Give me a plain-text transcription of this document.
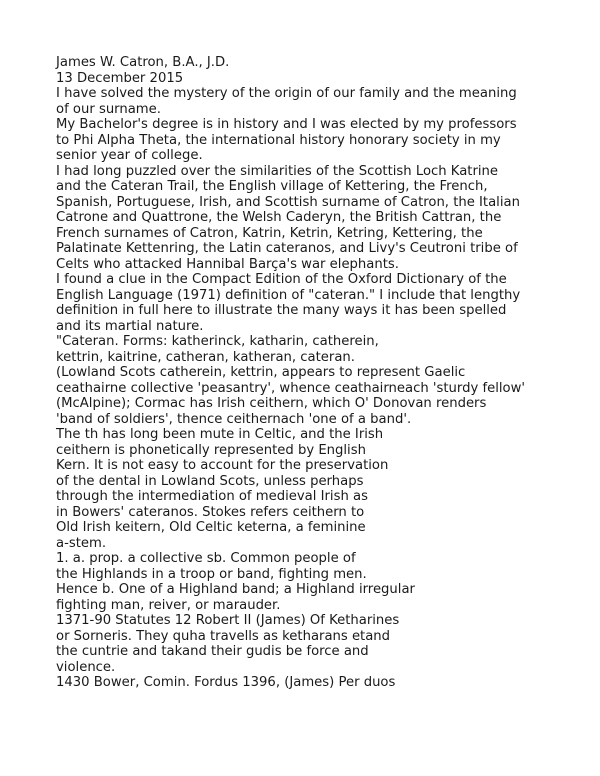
James W. Catron, B.A., J.D.
13 December 2015
I have solved the mystery of the origin of our family and the meaning
of our surname.
My Bachelor's degree is in history and I was elected by my professors
to Phi Alpha Theta, the international history honorary society in my
senior year of college.
I had long puzzled over the similarities of the Scottish Loch Katrine
and the Cateran Trail, the English village of Kettering, the French,
Spanish, Portuguese, Irish, and Scottish surname of Catron, the Italian
Catrone and Quattrone, the Welsh Caderyn, the British Cattran, the
French surnames of Catron, Katrin, Ketrin, Ketring, Kettering, the
Palatinate Kettenring, the Latin cateranos, and Livy's Ceutroni tribe of
Celts who attacked Hannibal Barça's war elephants.
I found a clue in the Compact Edition of the Oxford Dictionary of the
English Language (1971) definition of "cateran." I include that lengthy
definition in full here to illustrate the many ways it has been spelled
and its martial nature.
"Cateran. Forms: katherinck, katharin, catherein,
kettrin, kaitrine, catheran, katheran, cateran.
(Lowland Scots catherein, kettrin, appears to represent Gaelic
ceathairne collective 'peasantry', whence ceathairneach 'sturdy fellow'
(McAlpine); Cormac has Irish ceithern, which O' Donovan renders
'band of soldiers', thence ceithernach 'one of a band'.
The th has long been mute in Celtic, and the Irish
ceithern is phonetically represented by English
Kern. It is not easy to account for the preservation
of the dental in Lowland Scots, unless perhaps
through the intermediation of medieval Irish as
in Bowers' cateranos. Stokes refers ceithern to
Old Irish keitern, Old Celtic keterna, a feminine
a-stem.
1. a. prop. a collective sb. Common people of
the Highlands in a troop or band, fighting men.
Hence b. One of a Highland band; a Highland irregular
fighting man, reiver, or marauder.
1371-90 Statutes 12 Robert II (James) Of Ketharines
or Sorneris. They quha travells as ketharans etand
the cuntrie and takand their gudis be force and
violence.
1430 Bower, Comin. Fordus 1396, (James) Per duos
